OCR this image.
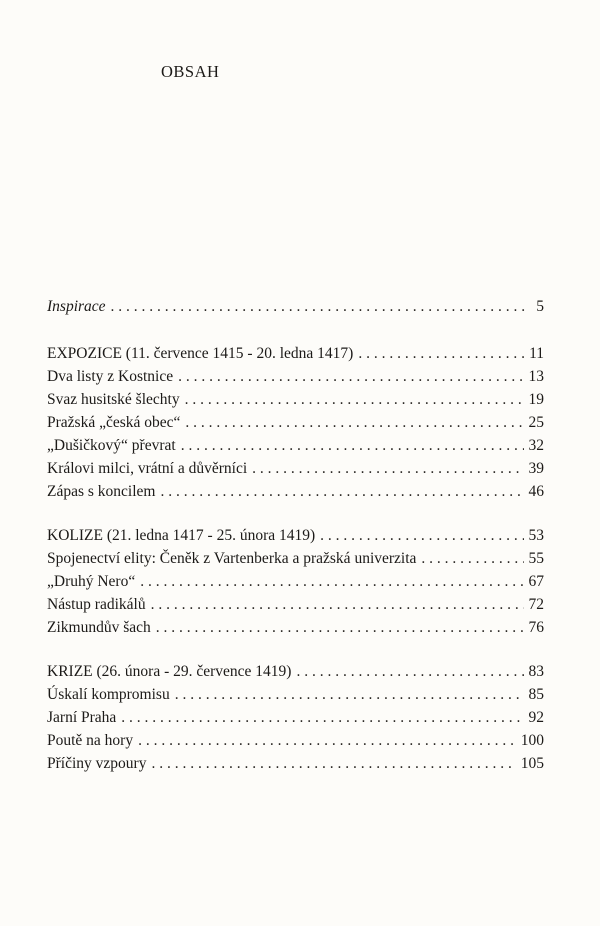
OBSAH
Inspirace . . .	5
EXPOZICE (11. července 1415 - 20. ledna 1417) . . .	11
Dva listy z Kostnice . . .	13
Svaz husitské šlechty . . .	19
Pražská „česká obec“ . . .	25
„Dušičkový“ převrat . . .	32
Královi milci, vrátní a důvěrníci . . .	39
Zápas s koncilem . . .	46
KOLIZE (21. ledna 1417 - 25. února 1419) . . .	53
Spojenectví elity: Čeněk z Vartenberka a pražská univerzita . . .	55
„Druhý Nero“ . . .	67
Nástup radikálů . . .	72
Zikmundův šach . . .	76
KRIZE (26. února - 29. července 1419) . . .	83
Úskalí kompromisu . . .	85
Jarní Praha . . .	92
Poutě na hory . . .	100
Příčiny vzpoury . . .	105
